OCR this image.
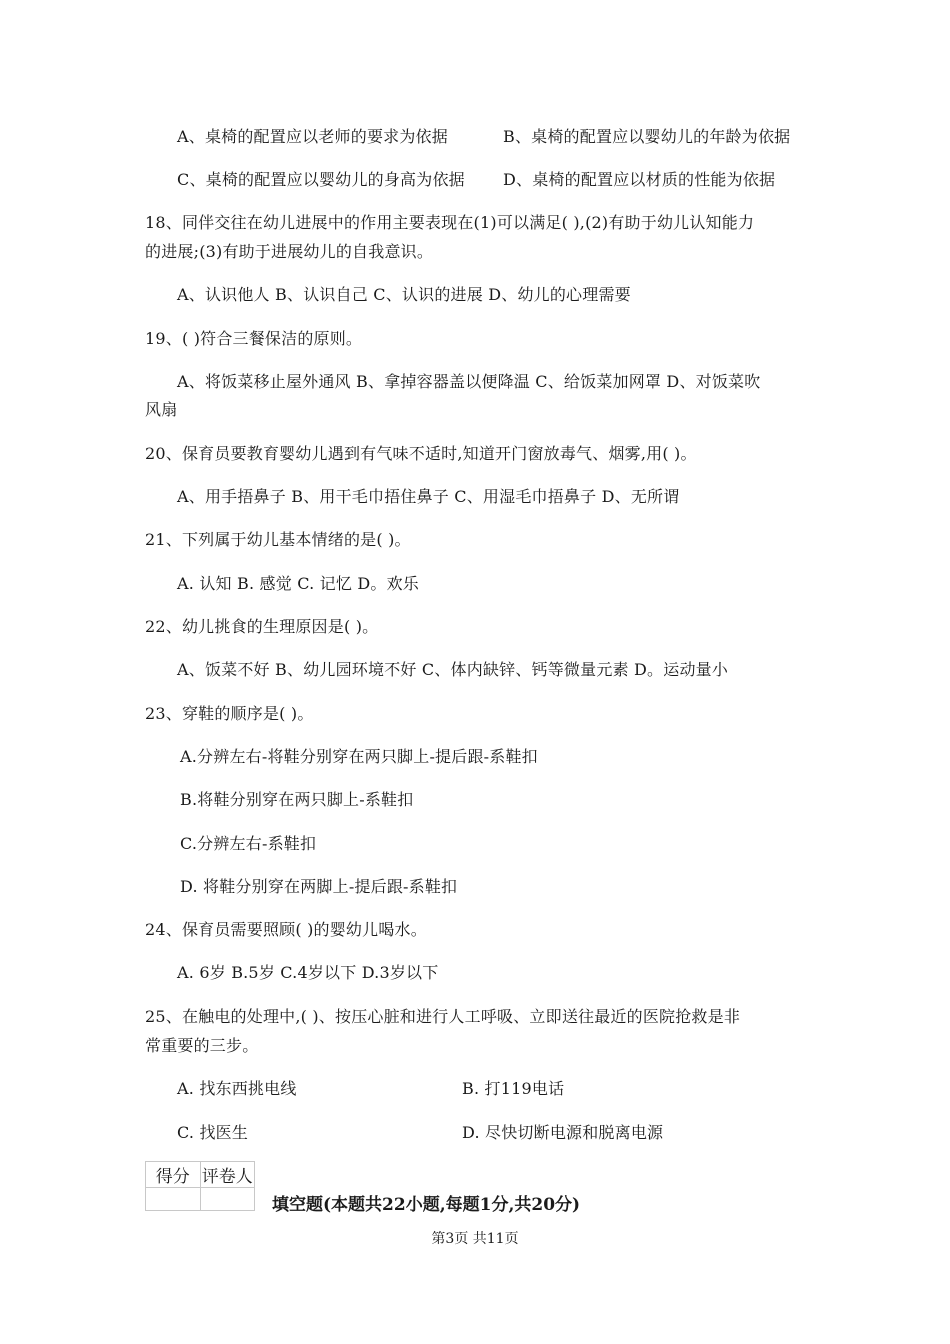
A、桌椅的配置应以老师的要求为依据	B、桌椅的配置应以婴幼儿的年龄为依据
C、桌椅的配置应以婴幼儿的身高为依据 D、桌椅的配置应以材质的性能为依据
18、同伴交往在幼儿进展中的作用主要表现在(1)可以满足( ),(2)有助于幼儿认知能力
的进展;(3)有助于进展幼儿的自我意识。
A、认识他人 B、认识自己 C、认识的进展 D、幼儿的心理需要
19、( )符合三餐保洁的原则。
A、将饭菜移止屋外通风 B、拿掉容器盖以便降温 C、给饭菜加网罩 D、对饭菜吹
风扇
20、保育员要教育婴幼儿遇到有气味不适时,知道开门窗放毒气、烟雾,用( )。
A、用手捂鼻子 B、用干毛巾捂住鼻子 C、用湿毛巾捂鼻子 D、无所谓
21、下列属于幼儿基本情绪的是( )。
A. 认知 B. 感觉 C. 记忆 D。欢乐
22、幼儿挑食的生理原因是( )。
A、饭菜不好 B、幼儿园环境不好 C、体内缺锌、钙等微量元素 D。运动量小
23、穿鞋的顺序是( )。
A.分辨左右-将鞋分别穿在两只脚上-提后跟-系鞋扣
B.将鞋分别穿在两只脚上-系鞋扣
C.分辨左右-系鞋扣
D. 将鞋分别穿在两脚上-提后跟-系鞋扣
24、保育员需要照顾( )的婴幼儿喝水。
A. 6岁 B.5岁 C.4岁以下 D.3岁以下
25、在触电的处理中,( )、按压心脏和进行人工呼吸、立即送往最近的医院抢救是非
常重要的三步。
A. 找东西挑电线	B. 打119电话
C. 找医生	D. 尽快切断电源和脱离电源
得分	评卷人

填空题(本题共22小题,每题1分,共20分)
第3页 共11页
